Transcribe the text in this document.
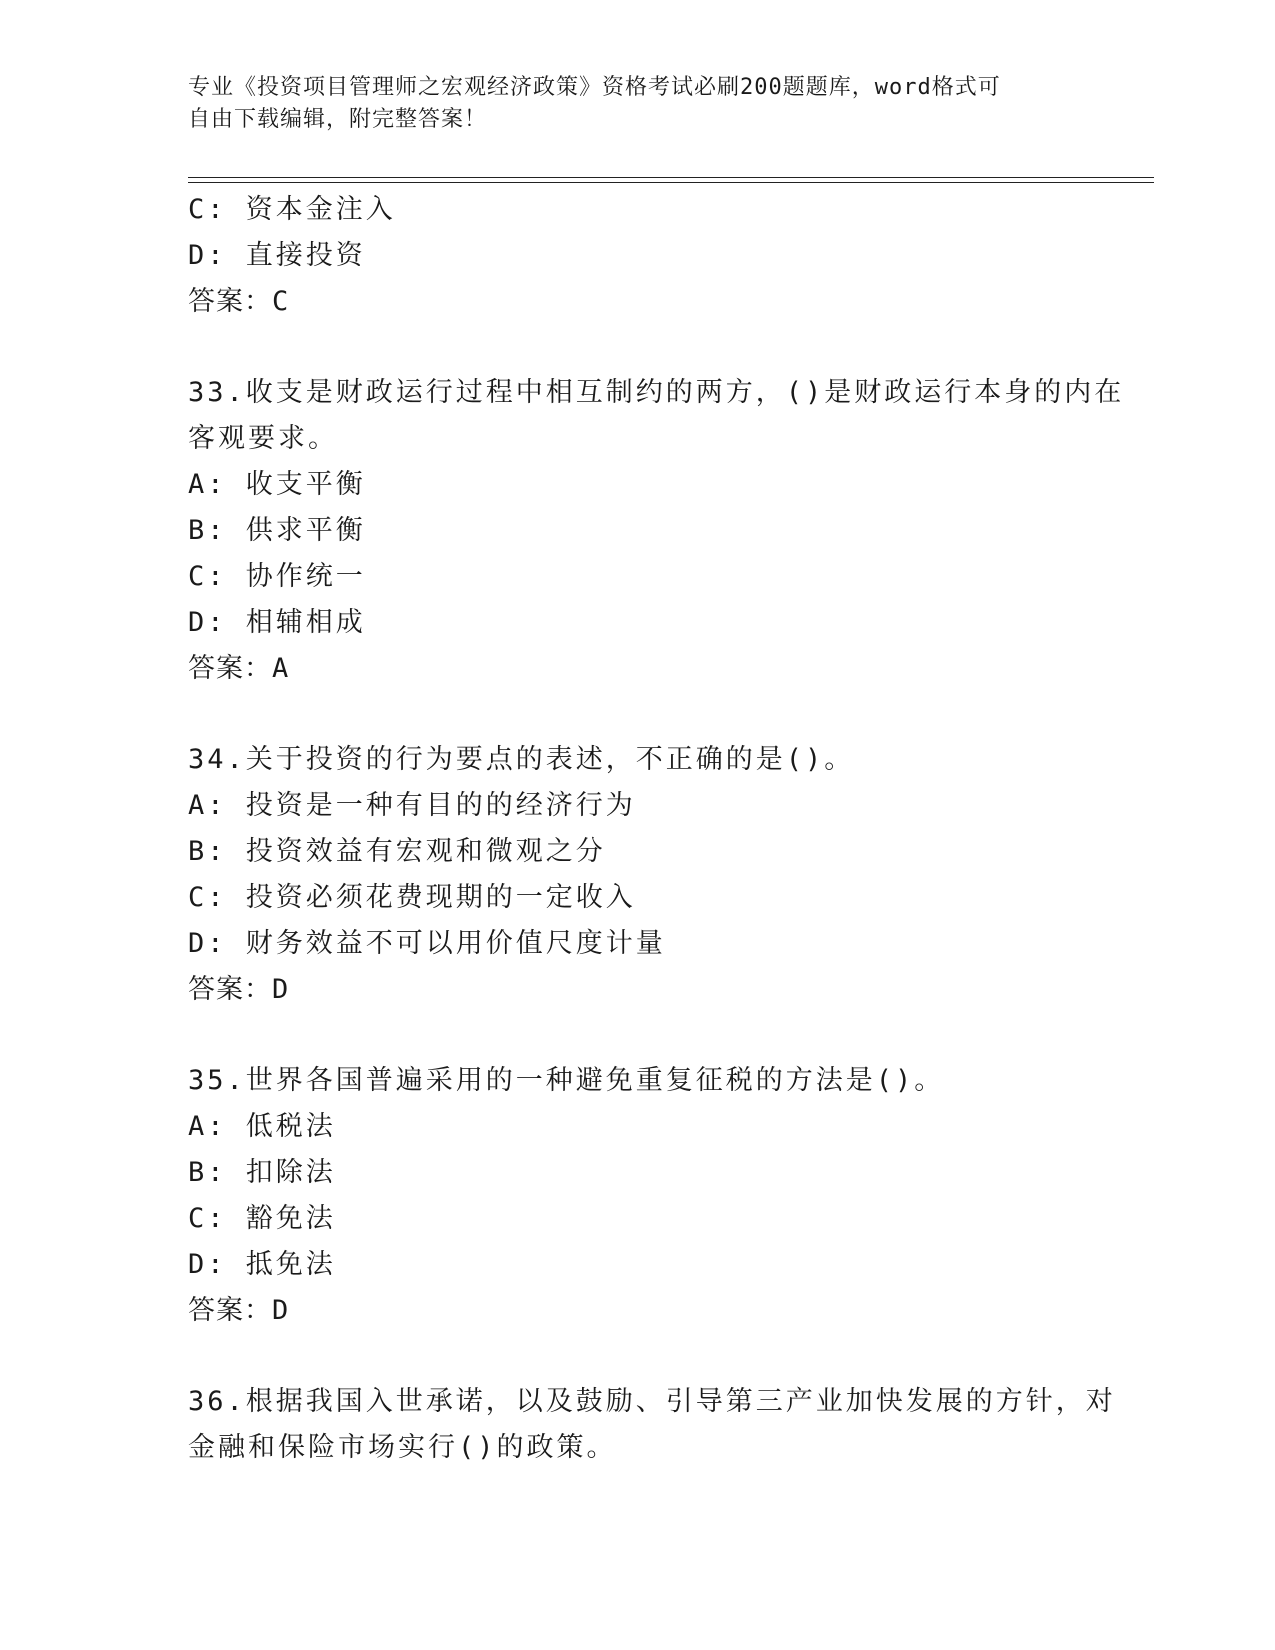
专业《投资项目管理师之宏观经济政策》资格考试必刷200题题库，word格式可
自由下载编辑，附完整答案！
C: 资本金注入
D: 直接投资
答案：C
33.收支是财政运行过程中相互制约的两方，()是财政运行本身的内在
客观要求。
A: 收支平衡
B: 供求平衡
C: 协作统一
D: 相辅相成
答案：A
34.关于投资的行为要点的表述，不正确的是()。
A: 投资是一种有目的的经济行为
B: 投资效益有宏观和微观之分
C: 投资必须花费现期的一定收入
D: 财务效益不可以用价值尺度计量
答案：D
35.世界各国普遍采用的一种避免重复征税的方法是()。
A: 低税法
B: 扣除法
C: 豁免法
D: 抵免法
答案：D
36.根据我国入世承诺，以及鼓励、引导第三产业加快发展的方针，对
金融和保险市场实行()的政策。
